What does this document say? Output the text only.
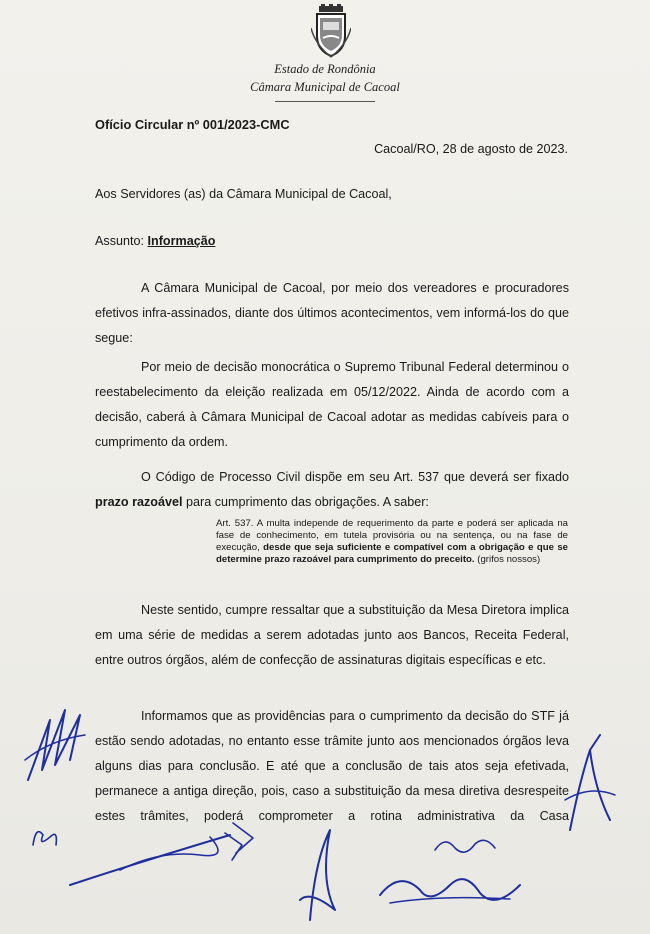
Estado de Rondônia
Câmara Municipal de Cacoal
Ofício Circular nº 001/2023-CMC
Cacoal/RO, 28 de agosto de 2023.
Aos Servidores (as) da Câmara Municipal de Cacoal,
Assunto: Informação
A Câmara Municipal de Cacoal, por meio dos vereadores e procuradores efetivos infra-assinados, diante dos últimos acontecimentos, vem informá-los do que segue:
Por meio de decisão monocrática o Supremo Tribunal Federal determinou o reestabelecimento da eleição realizada em 05/12/2022. Ainda de acordo com a decisão, caberá à Câmara Municipal de Cacoal adotar as medidas cabíveis para o cumprimento da ordem.
O Código de Processo Civil dispõe em seu Art. 537 que deverá ser fixado prazo razoável para cumprimento das obrigações. A saber:
Art. 537. A multa independe de requerimento da parte e poderá ser aplicada na fase de conhecimento, em tutela provisória ou na sentença, ou na fase de execução, desde que seja suficiente e compatível com a obrigação e que se determine prazo razoável para cumprimento do preceito. (grifos nossos)
Neste sentido, cumpre ressaltar que a substituição da Mesa Diretora implica em uma série de medidas a serem adotadas junto aos Bancos, Receita Federal, entre outros órgãos, além de confecção de assinaturas digitais específicas e etc.
Informamos que as providências para o cumprimento da decisão do STF já estão sendo adotadas, no entanto esse trâmite junto aos mencionados órgãos leva alguns dias para conclusão. E até que a conclusão de tais atos seja efetivada, permanece a antiga direção, pois, caso a substituição da mesa diretiva desrespeite estes trâmites, poderá comprometer a rotina administrativa da Casa
